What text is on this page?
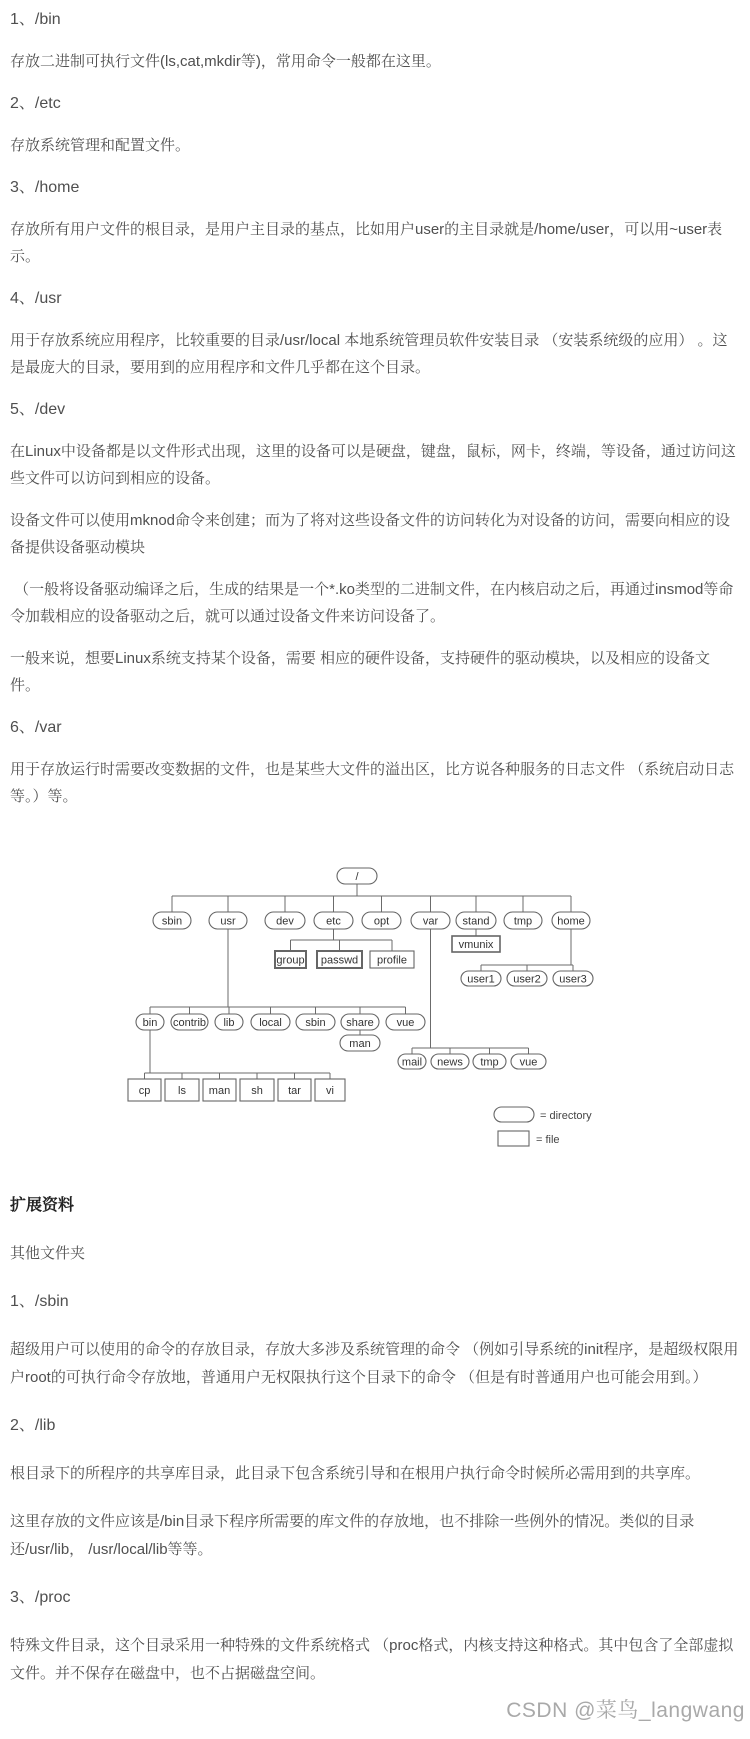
1、/bin

存放二进制可执行文件(ls,cat,mkdir等)，常用命令一般都在这里。

2、/etc

存放系统管理和配置文件。

3、/home

存放所有用户文件的根目录，是用户主目录的基点，比如用户user的主目录就是/home/user，可以用~user表示。

4、/usr

用于存放系统应用程序，比较重要的目录/usr/local 本地系统管理员软件安装目录 （安装系统级的应用） 。这是最庞大的目录，要用到的应用程序和文件几乎都在这个目录。

5、/dev

在Linux中设备都是以文件形式出现，这里的设备可以是硬盘，键盘，鼠标，网卡，终端，等设备，通过访问这些文件可以访问到相应的设备。

设备文件可以使用mknod命令来创建；而为了将对这些设备文件的访问转化为对设备的访问，需要向相应的设备提供设备驱动模块

（一般将设备驱动编译之后，生成的结果是一个*.ko类型的二进制文件，在内核启动之后，再通过insmod等命令加载相应的设备驱动之后，就可以通过设备文件来访问设备了。

一般来说，想要Linux系统支持某个设备，需要 相应的硬件设备，支持硬件的驱动模块，以及相应的设备文件。

6、/var

用于存放运行时需要改变数据的文件，也是某些大文件的溢出区，比方说各种服务的日志文件 （系统启动日志等。）等。

/
sbin	usr	dev	etc	opt	var stand tmp home
vmunix
group passwd profile
user1 user2 user3
bin contrib lib local sbin share vue
man
mail news tmp vue
cp	ls man sh tar vi
= directory
= file

扩展资料

其他文件夹

1、/sbin

超级用户可以使用的命令的存放目录，存放大多涉及系统管理的命令 （例如引导系统的init程序，是超级权限用户root的可执行命令存放地，普通用户无权限执行这个目录下的命令 （但是有时普通用户也可能会用到。）

2、/lib

根目录下的所程序的共享库目录，此目录下包含系统引导和在根用户执行命令时候所必需用到的共享库。

这里存放的文件应该是/bin目录下程序所需要的库文件的存放地，也不排除一些例外的情况。类似的目录还/usr/lib， /usr/local/lib等等。

3、/proc

特殊文件目录，这个目录采用一种特殊的文件系统格式 （proc格式，内核支持这种格式。其中包含了全部虚拟文件。并不保存在磁盘中，也不占据磁盘空间。

CSDN @菜鸟_langwang
